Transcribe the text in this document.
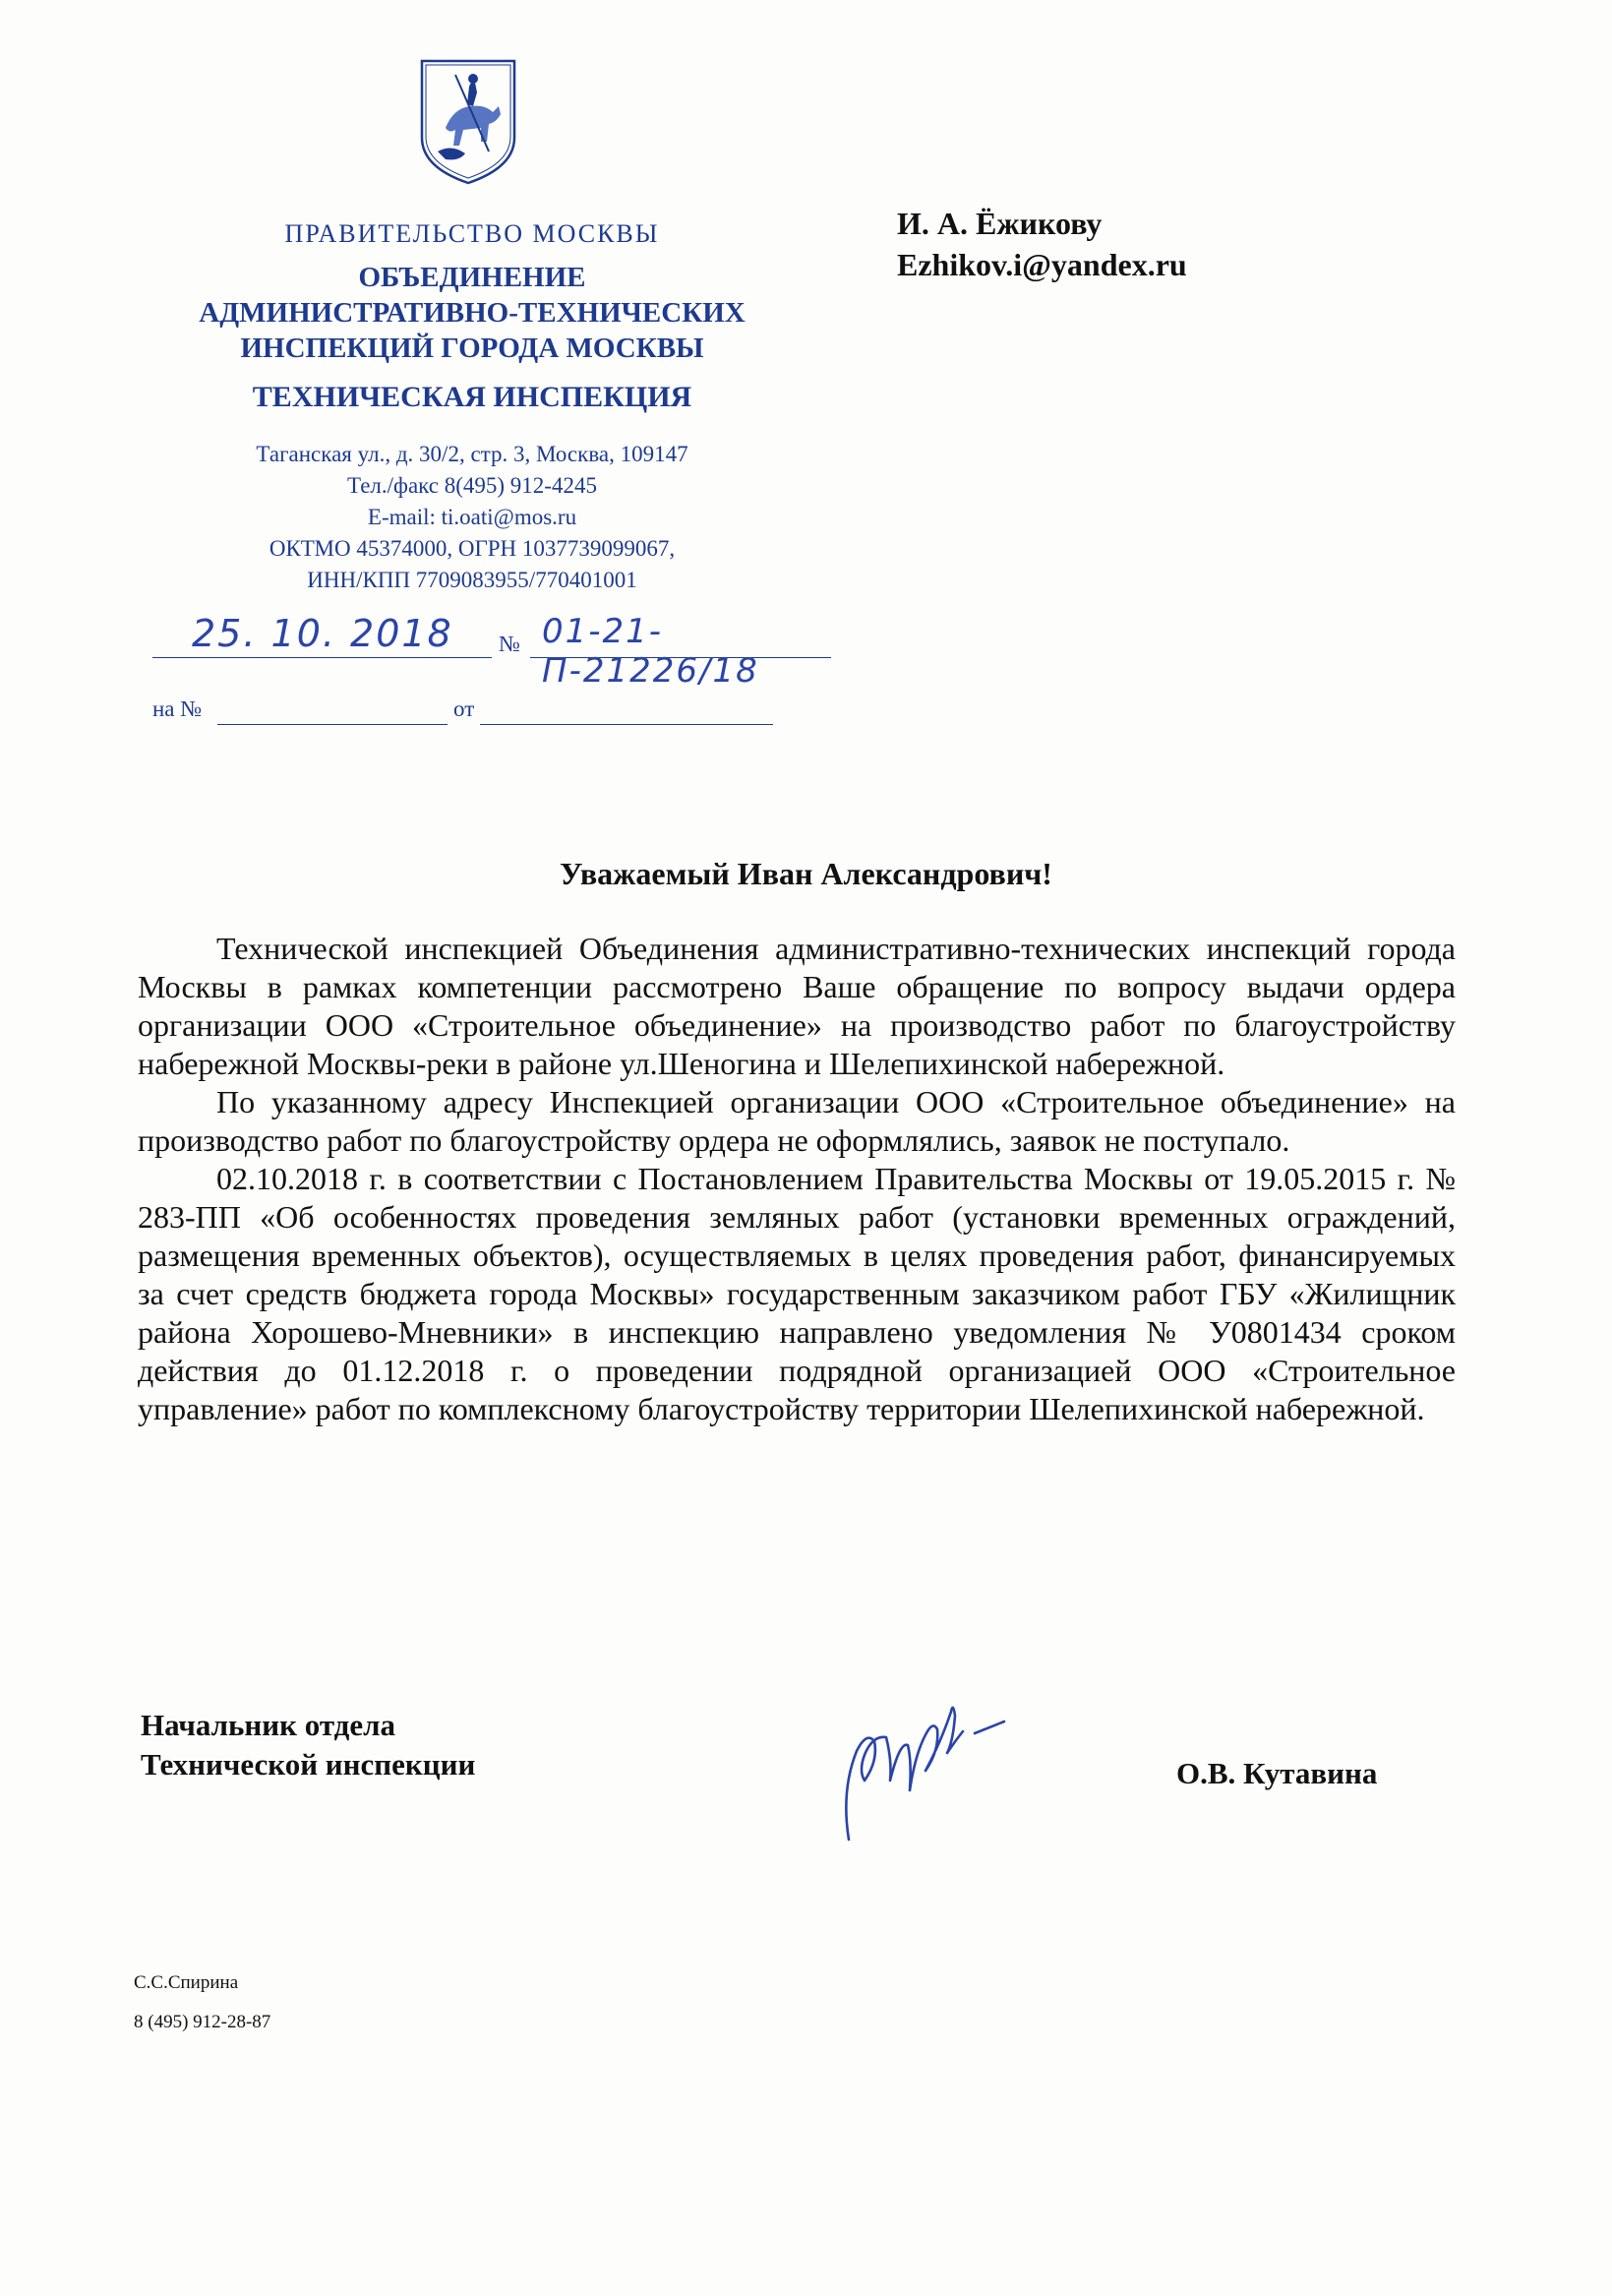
ПРАВИТЕЛЬСТВО МОСКВЫ
ОБЪЕДИНЕНИЕ
АДМИНИСТРАТИВНО-ТЕХНИЧЕСКИХ
ИНСПЕКЦИЙ ГОРОДА МОСКВЫ
ТЕХНИЧЕСКАЯ ИНСПЕКЦИЯ
Таганская ул., д. 30/2, стр. 3, Москва, 109147
Тел./факс 8(495) 912-4245
E-mail: ti.oati@mos.ru
ОКТМО 45374000, ОГРН 1037739099067,
ИНН/КПП 7709083955/770401001
25. 10. 2018 № 01-21-П-21226/18
на №	от
И. А. Ёжикову
Ezhikov.i@yandex.ru
Уважаемый Иван Александрович!

Технической инспекцией Объединения административно-технических инспекций города Москвы в рамках компетенции рассмотрено Ваше обращение по вопросу выдачи ордера организации ООО «Строительное объединение» на производство работ по благоустройству набережной Москвы-реки в районе ул.Шеногина и Шелепихинской набережной.

По указанному адресу Инспекцией организации ООО «Строительное объединение» на производство работ по благоустройству ордера не оформлялись, заявок не поступало.

02.10.2018 г. в соответствии с Постановлением Правительства Москвы от 19.05.2015 г. № 283-ПП «Об особенностях проведения земляных работ (установки временных ограждений, размещения временных объектов), осуществляемых в целях проведения работ, финансируемых за счет средств бюджета города Москвы» государственным заказчиком работ ГБУ «Жилищник района Хорошево-Мневники» в инспекцию направлено уведомления № У0801434 сроком действия до 01.12.2018 г. о проведении подрядной организацией ООО «Строительное управление» работ по комплексному благоустройству территории Шелепихинской набережной.

Начальник отдела
Технической инспекции	О.В. Кутавина
С.С.Спирина
8 (495) 912-28-87
